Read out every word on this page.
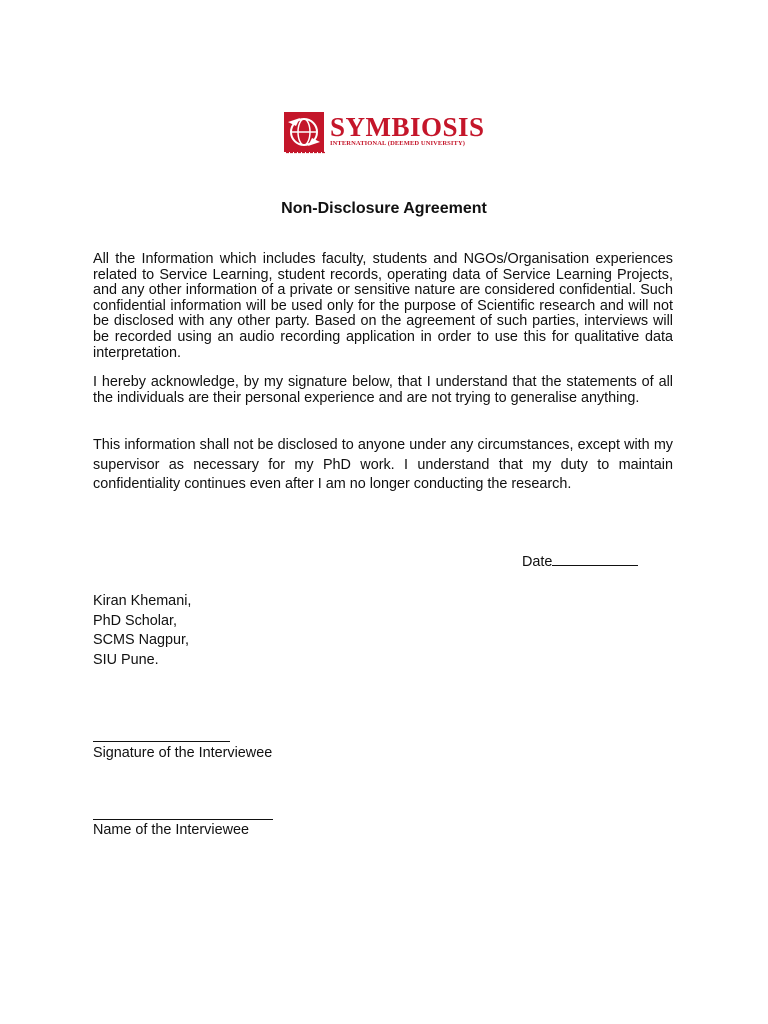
SYMBIOSIS
INTERNATIONAL (DEEMED UNIVERSITY)
Non-Disclosure Agreement

All the Information which includes faculty, students and NGOs/Organisation experiences related to Service Learning, student records, operating data of Service Learning Projects, and any other information of a private or sensitive nature are considered confidential. Such confidential information will be used only for the purpose of Scientific research and will not be disclosed with any other party. Based on the agreement of such parties, interviews will be recorded using an audio recording application in order to use this for qualitative data interpretation.

I hereby acknowledge, by my signature below, that I understand that the statements of all the individuals are their personal experience and are not trying to generalise anything.

This information shall not be disclosed to anyone under any circumstances, except with my supervisor as necessary for my PhD work. I understand that my duty to maintain confidentiality continues even after I am no longer conducting the research.

Date
Kiran Khemani,
PhD Scholar,
SCMS Nagpur,
SIU Pune.

Signature of the Interviewee

Name of the Interviewee
